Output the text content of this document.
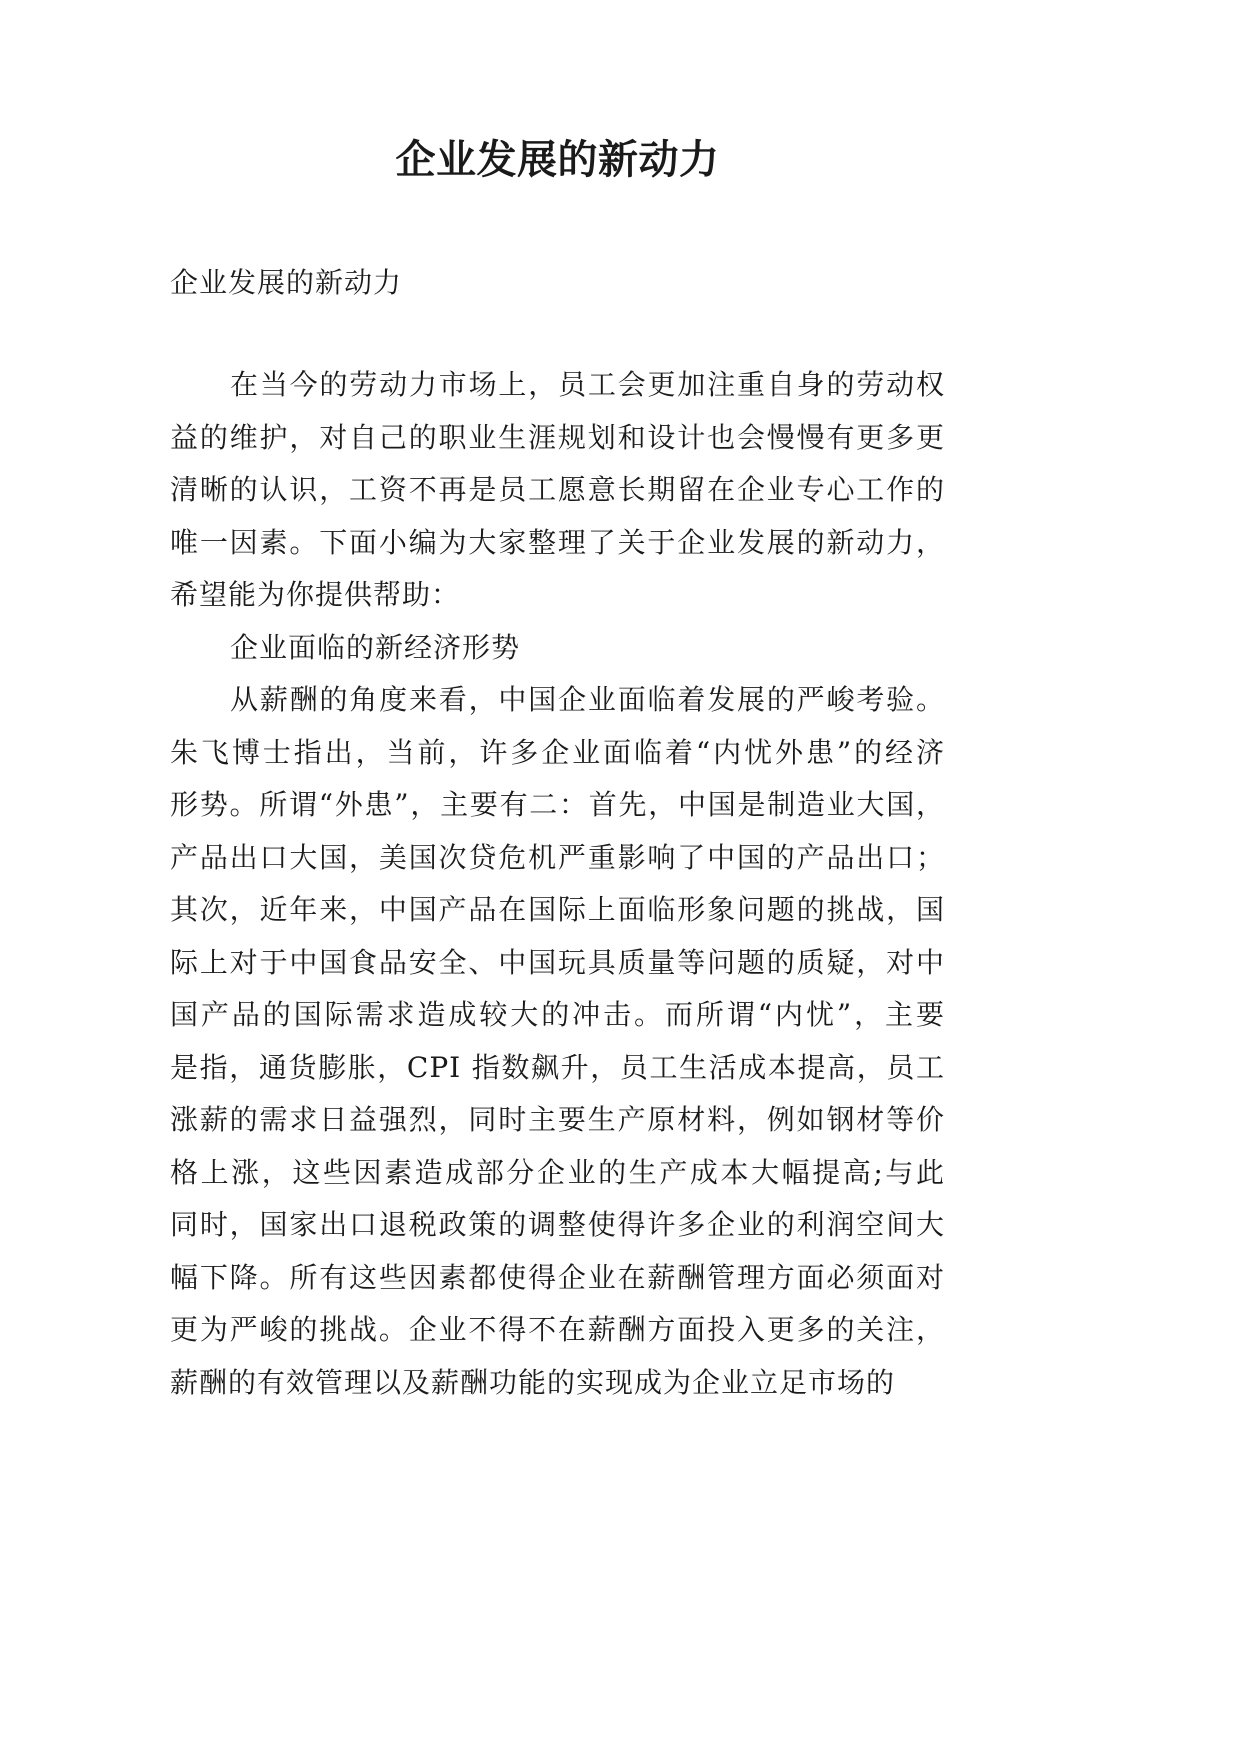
企业发展的新动力
企业发展的新动力
在当今的劳动力市场上，员工会更加注重自身的劳动权
益的维护，对自己的职业生涯规划和设计也会慢慢有更多更
清晰的认识，工资不再是员工愿意长期留在企业专心工作的
唯一因素。下面小编为大家整理了关于企业发展的新动力，
希望能为你提供帮助：
企业面临的新经济形势
从薪酬的角度来看，中国企业面临着发展的严峻考验。
朱飞博士指出，当前，许多企业面临着“内忧外患”的经济
形势。所谓“外患”，主要有二：首先，中国是制造业大国，
产品出口大国，美国次贷危机严重影响了中国的产品出口；
其次，近年来，中国产品在国际上面临形象问题的挑战，国
际上对于中国食品安全、中国玩具质量等问题的质疑，对中
国产品的国际需求造成较大的冲击。而所谓“内忧”，主要
是指，通货膨胀，CPI 指数飙升，员工生活成本提高，员工
涨薪的需求日益强烈，同时主要生产原材料，例如钢材等价
格上涨，这些因素造成部分企业的生产成本大幅提高;与此
同时，国家出口退税政策的调整使得许多企业的利润空间大
幅下降。所有这些因素都使得企业在薪酬管理方面必须面对
更为严峻的挑战。企业不得不在薪酬方面投入更多的关注，
薪酬的有效管理以及薪酬功能的实现成为企业立足市场的
